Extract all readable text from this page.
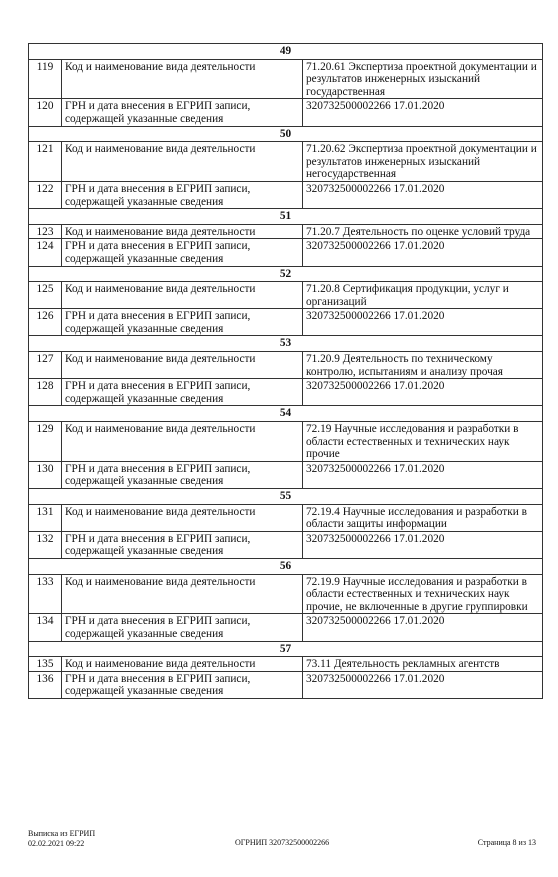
49		
119	Код и наименование вида деятельности	71.20.61 Экспертиза проектной документации и результатов инженерных изысканий государственная
120	ГРН и дата внесения в ЕГРИП записи, содержащей указанные сведения	320732500002266 17.01.2020
50		
121	Код и наименование вида деятельности	71.20.62 Экспертиза проектной документации и результатов инженерных изысканий негосударственная
122	ГРН и дата внесения в ЕГРИП записи, содержащей указанные сведения	320732500002266 17.01.2020
51		
123	Код и наименование вида деятельности	71.20.7 Деятельность по оценке условий труда
124	ГРН и дата внесения в ЕГРИП записи, содержащей указанные сведения	320732500002266 17.01.2020
52		
125	Код и наименование вида деятельности	71.20.8 Сертификация продукции, услуг и организаций
126	ГРН и дата внесения в ЕГРИП записи, содержащей указанные сведения	320732500002266 17.01.2020
53		
127	Код и наименование вида деятельности	71.20.9 Деятельность по техническому контролю, испытаниям и анализу прочая
128	ГРН и дата внесения в ЕГРИП записи, содержащей указанные сведения	320732500002266 17.01.2020
54		
129	Код и наименование вида деятельности	72.19 Научные исследования и разработки в области естественных и технических наук прочие
130	ГРН и дата внесения в ЕГРИП записи, содержащей указанные сведения	320732500002266 17.01.2020
55		
131	Код и наименование вида деятельности	72.19.4 Научные исследования и разработки в области защиты информации
132	ГРН и дата внесения в ЕГРИП записи, содержащей указанные сведения	320732500002266 17.01.2020
56		
133	Код и наименование вида деятельности	72.19.9 Научные исследования и разработки в области естественных и технических наук прочие, не включенные в другие группировки
134	ГРН и дата внесения в ЕГРИП записи, содержащей указанные сведения	320732500002266 17.01.2020
57		
135	Код и наименование вида деятельности	73.11 Деятельность рекламных агентств
136	ГРН и дата внесения в ЕГРИП записи, содержащей указанные сведения	320732500002266 17.01.2020
Выписка из ЕГРИП
02.02.2021 09:22	ОГРНИП 320732500002266	Страница 8 из 13
